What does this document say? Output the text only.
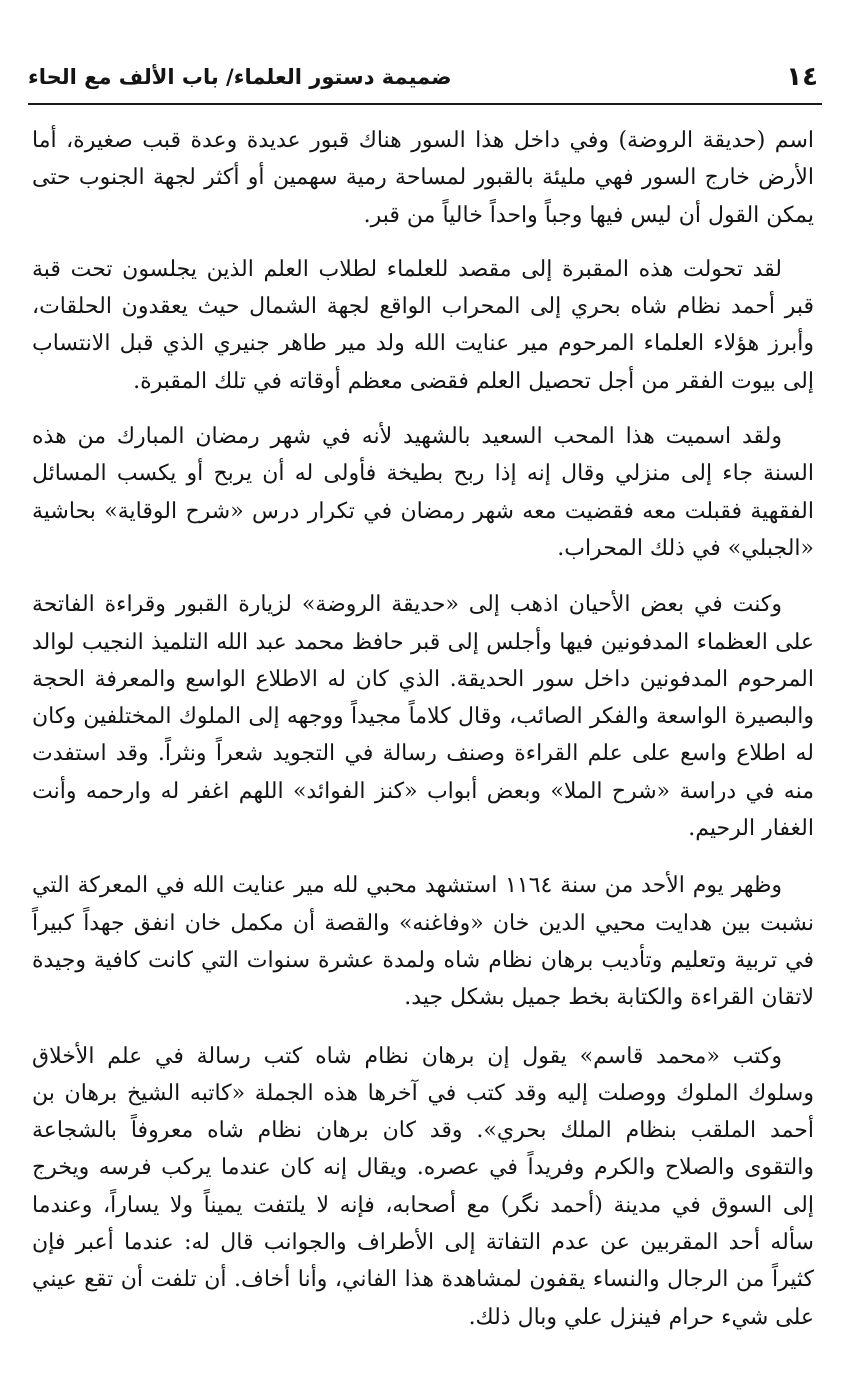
١٤
ضميمة دستور العلماء/ باب الألف مع الحاء

اسم (حديقة الروضة) وفي داخل هذا السور هناك قبور عديدة وعدة قبب صغيرة، أما الأرض خارج السور فهي مليئة بالقبور لمساحة رمية سهمين أو أكثر لجهة الجنوب حتى يمكن القول أن ليس فيها وجباً واحداً خالياً من قبر.

لقد تحولت هذه المقبرة إلى مقصد للعلماء لطلاب العلم الذين يجلسون تحت قبة قبر أحمد نظام شاه بحري إلى المحراب الواقع لجهة الشمال حيث يعقدون الحلقات، وأبرز هؤلاء العلماء المرحوم مير عنايت الله ولد مير طاهر جنيري الذي قبل الانتساب إلى بيوت الفقر من أجل تحصيل العلم فقضى معظم أوقاته في تلك المقبرة.

ولقد اسميت هذا المحب السعيد بالشهيد لأنه في شهر رمضان المبارك من هذه السنة جاء إلى منزلي وقال إنه إذا ربح بطيخة فأولى له أن يربح أو يكسب المسائل الفقهية فقبلت معه فقضيت معه شهر رمضان في تكرار درس «شرح الوقاية» بحاشية «الجبلي» في ذلك المحراب.

وكنت في بعض الأحيان اذهب إلى «حديقة الروضة» لزيارة القبور وقراءة الفاتحة على العظماء المدفونين فيها وأجلس إلى قبر حافظ محمد عبد الله التلميذ النجيب لوالد المرحوم المدفونين داخل سور الحديقة. الذي كان له الاطلاع الواسع والمعرفة الحجة والبصيرة الواسعة والفكر الصائب، وقال كلاماً مجيداً ووجهه إلى الملوك المختلفين وكان له اطلاع واسع على علم القراءة وصنف رسالة في التجويد شعراً ونثراً. وقد استفدت منه في دراسة «شرح الملا» وبعض أبواب «كنز الفوائد» اللهم اغفر له وارحمه وأنت الغفار الرحيم.

وظهر يوم الأحد من سنة ١١٦٤ استشهد محبي لله مير عنايت الله في المعركة التي نشبت بين هدايت محيي الدين خان «وفاغنه» والقصة أن مكمل خان انفق جهداً كبيراً في تربية وتعليم وتأديب برهان نظام شاه ولمدة عشرة سنوات التي كانت كافية وجيدة لاتقان القراءة والكتابة بخط جميل بشكل جيد.

وكتب «محمد قاسم» يقول إن برهان نظام شاه كتب رسالة في علم الأخلاق وسلوك الملوك ووصلت إليه وقد كتب في آخرها هذه الجملة «كاتبه الشيخ برهان بن أحمد الملقب بنظام الملك بحري». وقد كان برهان نظام شاه معروفاً بالشجاعة والتقوى والصلاح والكرم وفريداً في عصره. ويقال إنه كان عندما يركب فرسه ويخرج إلى السوق في مدينة (أحمد نگر) مع أصحابه، فإنه لا يلتفت يميناً ولا يساراً، وعندما سأله أحد المقربين عن عدم التفاتة إلى الأطراف والجوانب قال له: عندما أعبر فإن كثيراً من الرجال والنساء يقفون لمشاهدة هذا الفاني، وأنا أخاف. أن تلفت أن تقع عيني على شيء حرام فينزل علي وبال ذلك.
